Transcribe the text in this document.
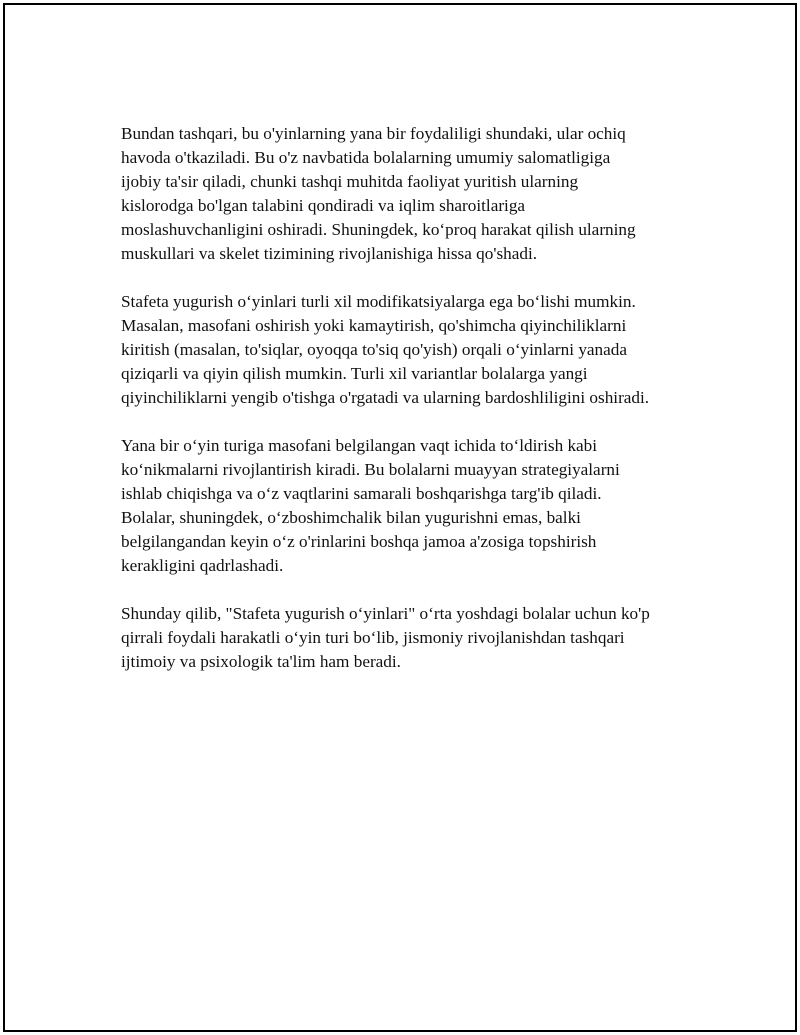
Bundan tashqari, bu o'yinlarning yana bir foydaliligi shundaki, ular ochiq
havoda o'tkaziladi. Bu o'z navbatida bolalarning umumiy salomatligiga
ijobiy ta'sir qiladi, chunki tashqi muhitda faoliyat yuritish ularning
kislorodga bo'lgan talabini qondiradi va iqlim sharoitlariga
moslashuvchanligini oshiradi. Shuningdek, ko‘proq harakat qilish ularning
muskullari va skelet tizimining rivojlanishiga hissa qo'shadi.

Stafeta yugurish o‘yinlari turli xil modifikatsiyalarga ega bo‘lishi mumkin.
Masalan, masofani oshirish yoki kamaytirish, qo'shimcha qiyinchiliklarni
kiritish (masalan, to'siqlar, oyoqqa to'siq qo'yish) orqali o‘yinlarni yanada
qiziqarli va qiyin qilish mumkin. Turli xil variantlar bolalarga yangi
qiyinchiliklarni yengib o'tishga o'rgatadi va ularning bardoshliligini oshiradi.

Yana bir o‘yin turiga masofani belgilangan vaqt ichida to‘ldirish kabi
ko‘nikmalarni rivojlantirish kiradi. Bu bolalarni muayyan strategiyalarni
ishlab chiqishga va o‘z vaqtlarini samarali boshqarishga targ'ib qiladi.
Bolalar, shuningdek, o‘zboshimchalik bilan yugurishni emas, balki
belgilangandan keyin o‘z o'rinlarini boshqa jamoa a'zosiga topshirish
kerakligini qadrlashadi.

Shunday qilib, "Stafeta yugurish o‘yinlari" o‘rta yoshdagi bolalar uchun ko'p
qirrali foydali harakatli o‘yin turi bo‘lib, jismoniy rivojlanishdan tashqari
ijtimoiy va psixologik ta'lim ham beradi.
